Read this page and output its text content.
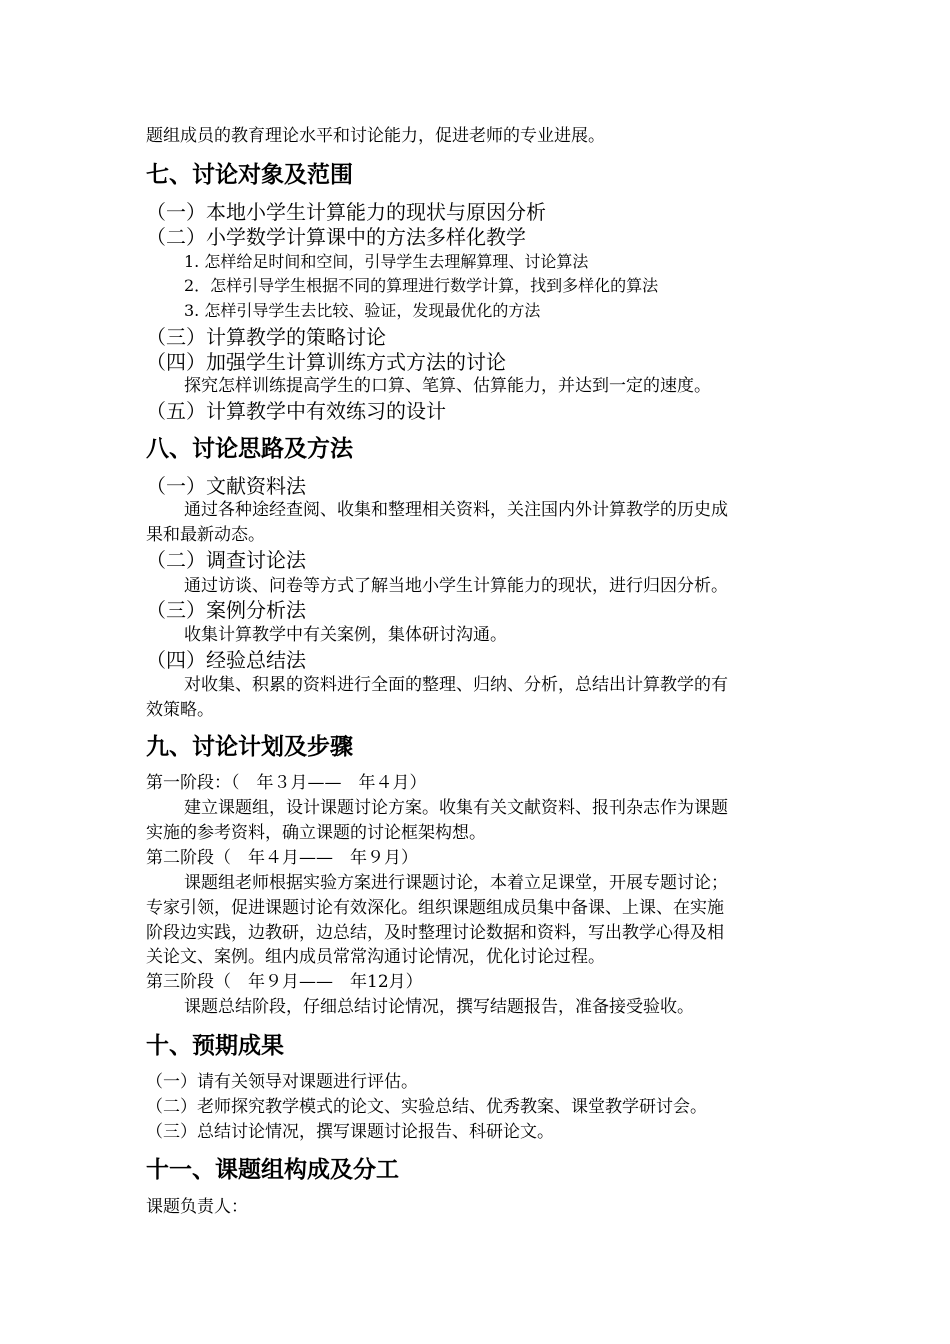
题组成员的教育理论水平和讨论能力，促进老师的专业进展。
七、讨论对象及范围
（一）本地小学生计算能力的现状与原因分析
（二）小学数学计算课中的方法多样化教学
1. 怎样给足时间和空间，引导学生去理解算理、讨论算法
2．怎样引导学生根据不同的算理进行数学计算，找到多样化的算法
3. 怎样引导学生去比较、验证，发现最优化的方法
（三）计算教学的策略讨论
（四）加强学生计算训练方式方法的讨论
探究怎样训练提高学生的口算、笔算、估算能力，并达到一定的速度。
（五）计算教学中有效练习的设计
八、讨论思路及方法
（一）文献资料法
通过各种途经查阅、收集和整理相关资料，关注国内外计算教学的历史成
果和最新动态。
（二）调查讨论法
通过访谈、问卷等方式了解当地小学生计算能力的现状，进行归因分析。
（三）案例分析法
收集计算教学中有关案例，集体研讨沟通。
（四）经验总结法
对收集、积累的资料进行全面的整理、归纳、分析，总结出计算教学的有
效策略。
九、讨论计划及步骤
第一阶段：（　年３月——　年４月）
建立课题组，设计课题讨论方案。收集有关文献资料、报刊杂志作为课题
实施的参考资料，确立课题的讨论框架构想。
第二阶段（　年４月——　年９月）
课题组老师根据实验方案进行课题讨论，本着立足课堂，开展专题讨论；
专家引领，促进课题讨论有效深化。组织课题组成员集中备课、上课、在实施
阶段边实践，边教研，边总结，及时整理讨论数据和资料，写出教学心得及相
关论文、案例。组内成员常常沟通讨论情况，优化讨论过程。
第三阶段（　年９月——　年12月）
课题总结阶段，仔细总结讨论情况，撰写结题报告，准备接受验收。
十、预期成果
（一）请有关领导对课题进行评估。
（二）老师探究教学模式的论文、实验总结、优秀教案、课堂教学研讨会。
（三）总结讨论情况，撰写课题讨论报告、科研论文。
十一、课题组构成及分工
课题负责人：
